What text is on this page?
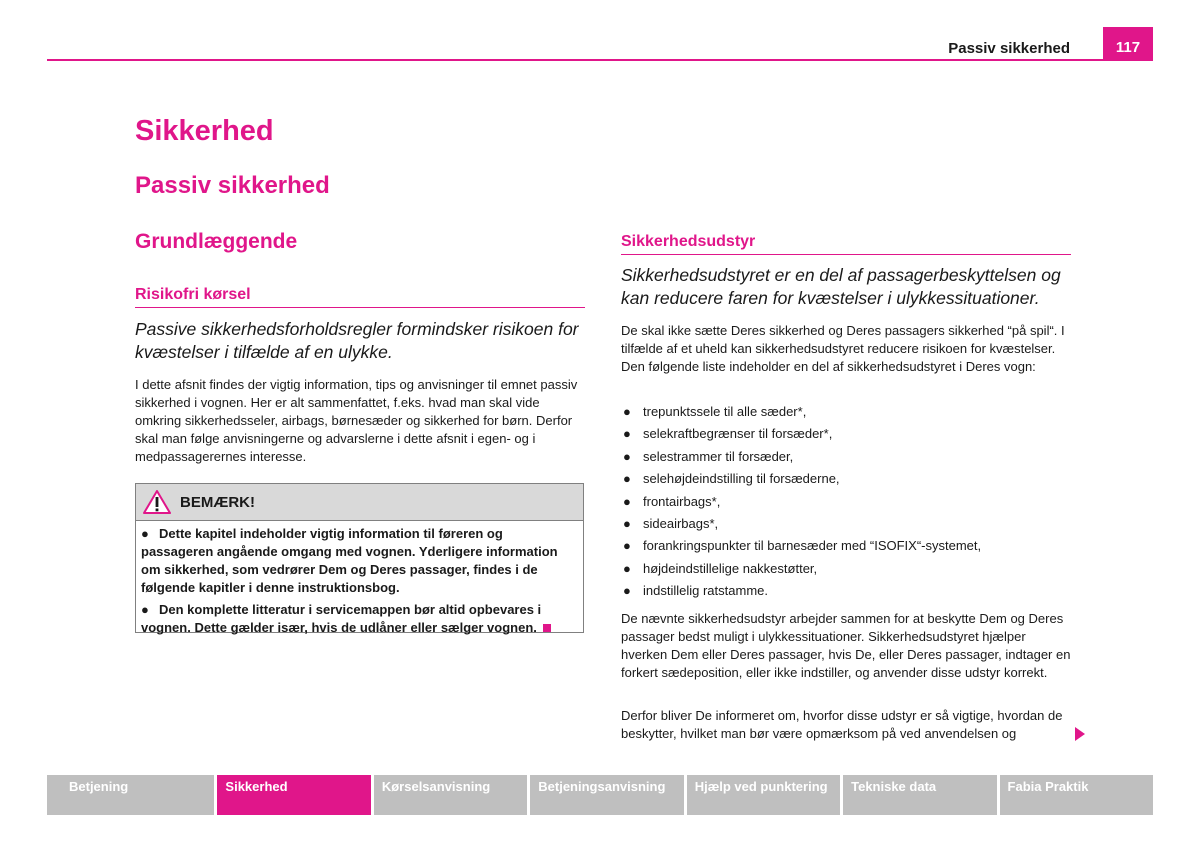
Passiv sikkerhed	117
Sikkerhed
Passiv sikkerhed
Grundlæggende
Risikofri kørsel
Passive sikkerhedsforholdsregler formindsker risikoen for kvæstelser i tilfælde af en ulykke.
I dette afsnit findes der vigtig information, tips og anvisninger til emnet passiv sikkerhed i vognen. Her er alt sammenfattet, f.eks. hvad man skal vide omkring sikkerhedsseler, airbags, børnesæder og sikkerhed for børn. Derfor skal man følge anvisningerne og advarslerne i dette afsnit i egen- og i medpassagerernes interesse.
BEMÆRK!
● Dette kapitel indeholder vigtig information til føreren og passageren angående omgang med vognen. Yderligere information om sikkerhed, som vedrører Dem og Deres passager, findes i de følgende kapitler i denne instruktionsbog.
● Den komplette litteratur i servicemappen bør altid opbevares i vognen. Dette gælder især, hvis de udlåner eller sælger vognen.
Sikkerhedsudstyr
Sikkerhedsudstyret er en del af passagerbeskyttelsen og kan reducere faren for kvæstelser i ulykkessituationer.
De skal ikke sætte Deres sikkerhed og Deres passagers sikkerhed “på spil“. I tilfælde af et uheld kan sikkerhedsudstyret reducere risikoen for kvæstelser. Den følgende liste indeholder en del af sikkerhedsudstyret i Deres vogn:
● trepunktssele til alle sæder*,
● selekraftbegrænser til forsæder*,
● selestrammer til forsæder,
● selehøjdeindstilling til forsæderne,
● frontairbags*,
● sideairbags*,
● forankringspunkter til barnesæder med “ISOFIX“-systemet,
● højdeindstillelige nakkestøtter,
● indstillelig ratstamme.
De nævnte sikkerhedsudstyr arbejder sammen for at beskytte Dem og Deres passager bedst muligt i ulykkessituationer. Sikkerhedsudstyret hjælper hverken Dem eller Deres passager, hvis De, eller Deres passager, indtager en forkert sædeposition, eller ikke indstiller, og anvender disse udstyr korrekt.
Derfor bliver De informeret om, hvorfor disse udstyr er så vigtige, hvordan de beskytter, hvilket man bør være opmærksom på ved anvendelsen og
Betjening	Sikkerhed	Kørselsanvisning	Betjeningsanvisning	Hjælp ved punktering	Tekniske data	Fabia Praktik
